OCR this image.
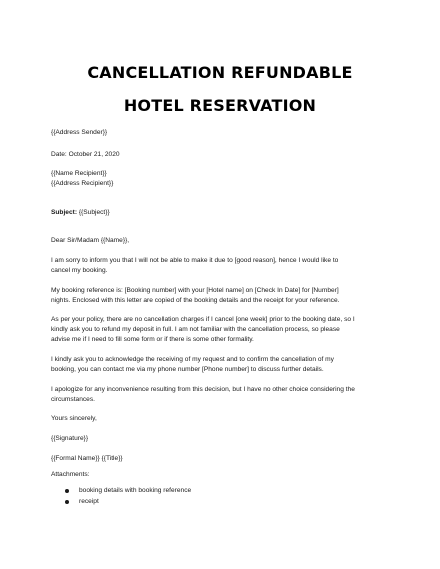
CANCELLATION REFUNDABLE
HOTEL RESERVATION
{{Address Sender}}
Date: October 21, 2020
{{Name Recipient}}
{{Address Recipient}}
Subject: {{Subject}}
Dear Sir/Madam {{Name}},
I am sorry to inform you that I will not be able to make it due to [good reason], hence I would like to
cancel my booking.
My booking reference is: [Booking number] with your [Hotel name] on [Check In Date] for [Number]
nights. Enclosed with this letter are copied of the booking details and the receipt for your reference.
As per your policy, there are no cancellation charges if I cancel [one week] prior to the booking date, so I
kindly ask you to refund my deposit in full. I am not familiar with the cancellation process, so please
advise me if I need to fill some form or if there is some other formality.
I kindly ask you to acknowledge the receiving of my request and to confirm the cancellation of my
booking, you can contact me via my phone number [Phone number] to discuss further details.
I apologize for any inconvenience resulting from this decision, but I have no other choice considering the
circumstances.
Yours sincerely,
{{Signature}}
{{Formal Name}} {{Title}}
Attachments:
booking details with booking reference
receipt
